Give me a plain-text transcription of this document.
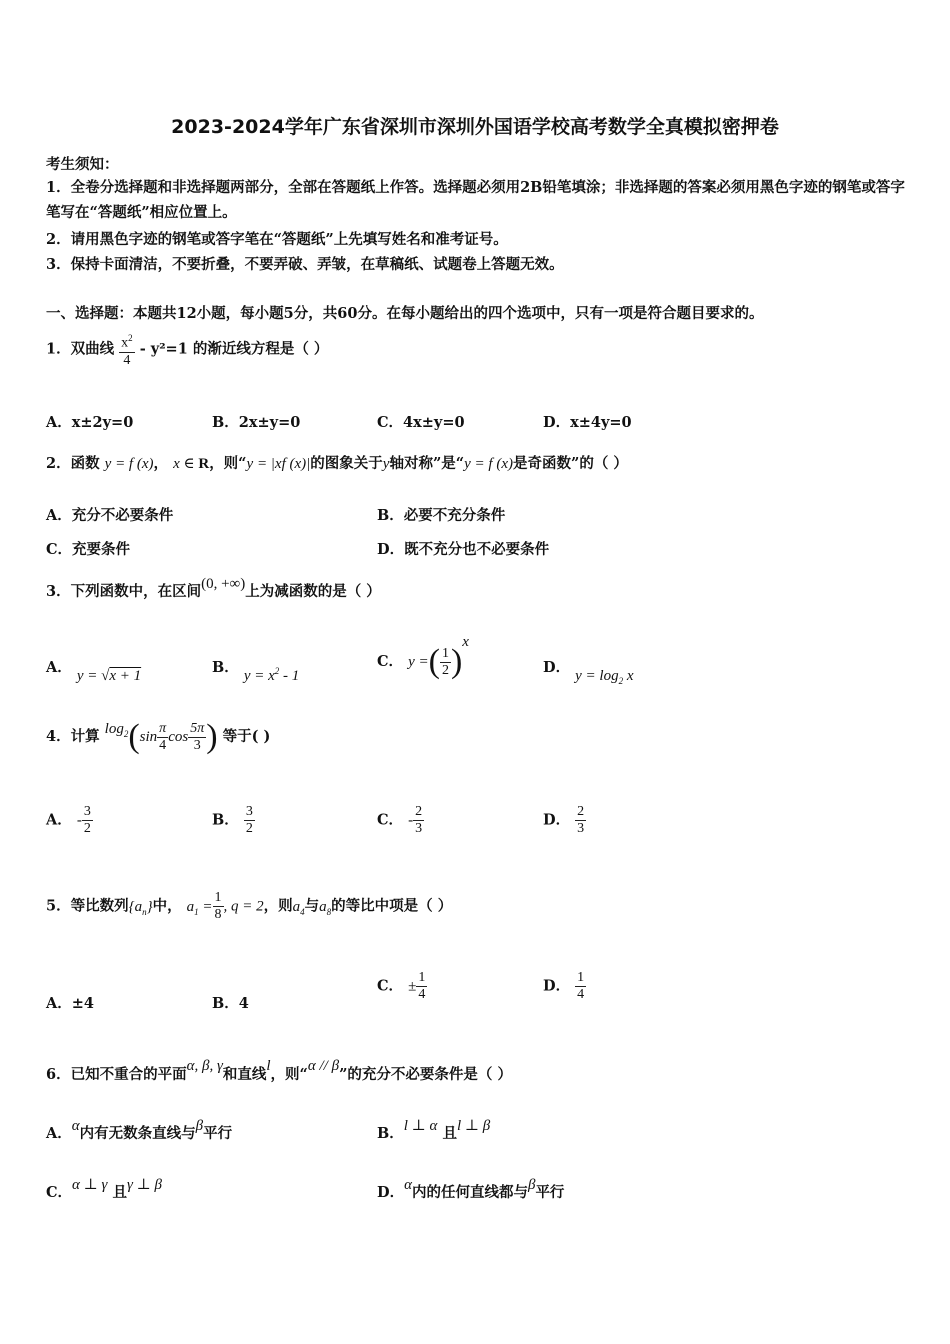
2023-2024学年广东省深圳市深圳外国语学校高考数学全真模拟密押卷
考生须知：
1．全卷分选择题和非选择题两部分，全部在答题纸上作答。选择题必须用2B铅笔填涂；非选择题的答案必须用黑色字迹的钢笔或答字笔写在“答题纸”相应位置上。
2．请用黑色字迹的钢笔或答字笔在“答题纸”上先填写姓名和准考证号。
3．保持卡面清洁，不要折叠，不要弄破、弄皱，在草稿纸、试题卷上答题无效。
一、选择题：本题共12小题，每小题5分，共60分。在每小题给出的四个选项中，只有一项是符合题目要求的。
1．双曲线 $\frac{x^2}{4} - y^2=1$ 的渐近线方程是（ ）
A．x±2y=0	B．2x±y=0	C．4x±y=0	D．x±4y=0
2．函数 y = f (x)， x ∈ R，则“y = |xf (x)|的图象关于y轴对称”是“y = f (x)是奇函数”的（ ）
A．充分不必要条件	B．必要不充分条件
C．充要条件	D．既不充分也不必要条件
3．下列函数中，在区间(0, +∞)上为减函数的是（ ）
A． y = √x + 1	B． $y = x^2 - 1$
C． y =( $\frac{1}{2} )^x$
D． $y = \log_2 x$
4．计算 $\log_2(\sin \frac{\pi}{4}$ $\cos \frac{5\pi}{3}$ ) 等于( )
A． - $\frac{3}{2}$	B． $\frac{3}{2}$	C． - $\frac{2}{3}$	D． $\frac{2}{3}$
5．等比数列$\{a_n\}$中， $a_1 = \frac{1}{8}$ , q = 2，则$a_4$与$a_8$的等比中项是（ ）
A．±4	B．4
C． ± $\frac{1}{4}$	D． $\frac{1}{4}$
6．已知不重合的平面α, β, γ和直线l，则“α // β”的充分不必要条件是（ ）
A．α内有无数条直线与β平行	B．l ⊥ α 且l ⊥ β
C．α ⊥ γ 且γ ⊥ β	D．α内的任何直线都与β平行
